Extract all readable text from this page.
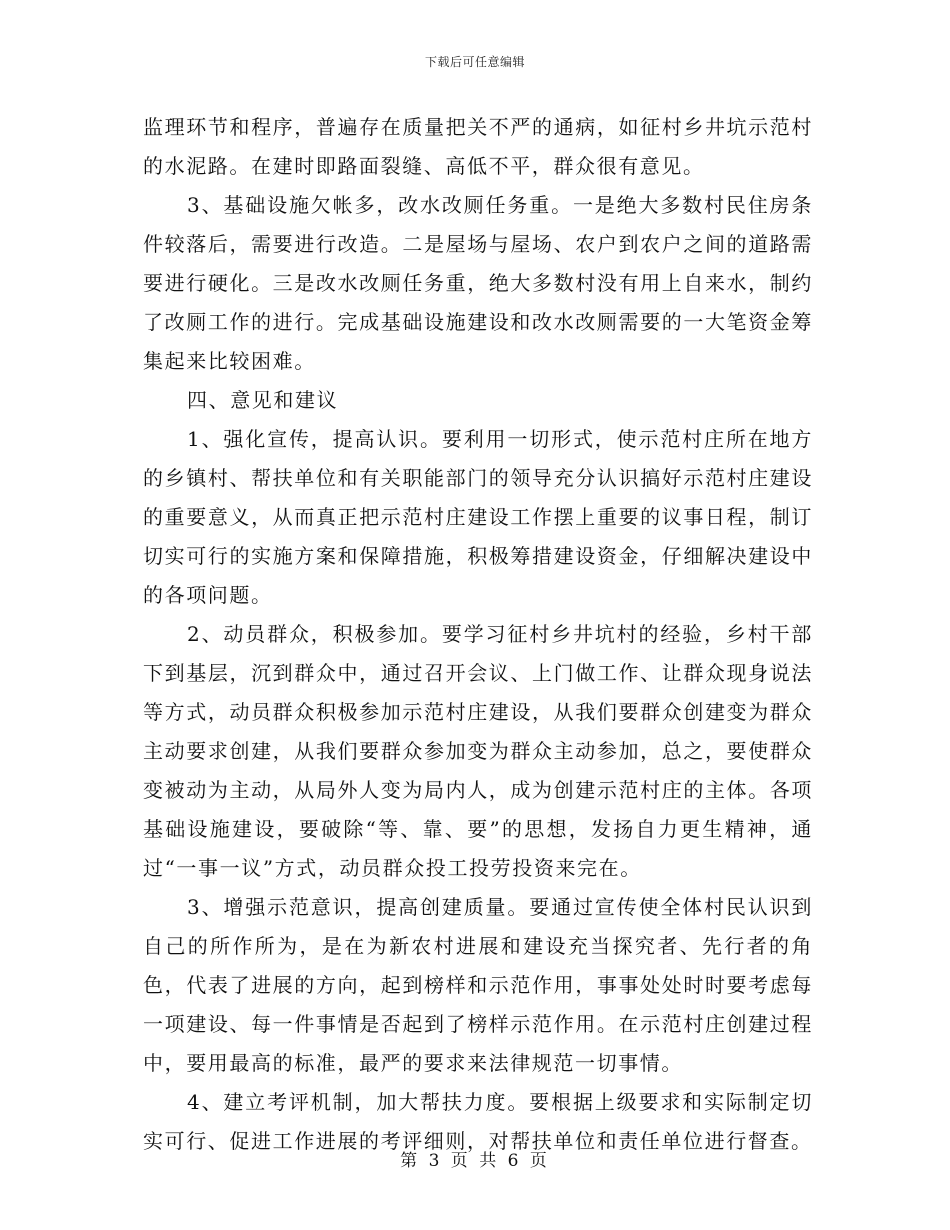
下载后可任意编辑

监理环节和程序，普遍存在质量把关不严的通病，如征村乡井坑示范村的水泥路。在建时即路面裂缝、高低不平，群众很有意见。

3、基础设施欠帐多，改水改厕任务重。一是绝大多数村民住房条件较落后，需要进行改造。二是屋场与屋场、农户到农户之间的道路需要进行硬化。三是改水改厕任务重，绝大多数村没有用上自来水，制约了改厕工作的进行。完成基础设施建设和改水改厕需要的一大笔资金筹集起来比较困难。

四、意见和建议

1、强化宣传，提高认识。要利用一切形式，使示范村庄所在地方的乡镇村、帮扶单位和有关职能部门的领导充分认识搞好示范村庄建设的重要意义，从而真正把示范村庄建设工作摆上重要的议事日程，制订切实可行的实施方案和保障措施，积极筹措建设资金，仔细解决建设中的各项问题。

2、动员群众，积极参加。要学习征村乡井坑村的经验，乡村干部下到基层，沉到群众中，通过召开会议、上门做工作、让群众现身说法等方式，动员群众积极参加示范村庄建设，从我们要群众创建变为群众主动要求创建，从我们要群众参加变为群众主动参加，总之，要使群众变被动为主动，从局外人变为局内人，成为创建示范村庄的主体。各项基础设施建设，要破除“等、靠、要”的思想，发扬自力更生精神，通过“一事一议”方式，动员群众投工投劳投资来完在。

3、增强示范意识，提高创建质量。要通过宣传使全体村民认识到自己的所作所为，是在为新农村进展和建设充当探究者、先行者的角色，代表了进展的方向，起到榜样和示范作用，事事处处时时要考虑每一项建设、每一件事情是否起到了榜样示范作用。在示范村庄创建过程中，要用最高的标准，最严的要求来法律规范一切事情。

4、建立考评机制，加大帮扶力度。要根据上级要求和实际制定切实可行、促进工作进展的考评细则，对帮扶单位和责任单位进行督查。

第 3 页 共 6 页
